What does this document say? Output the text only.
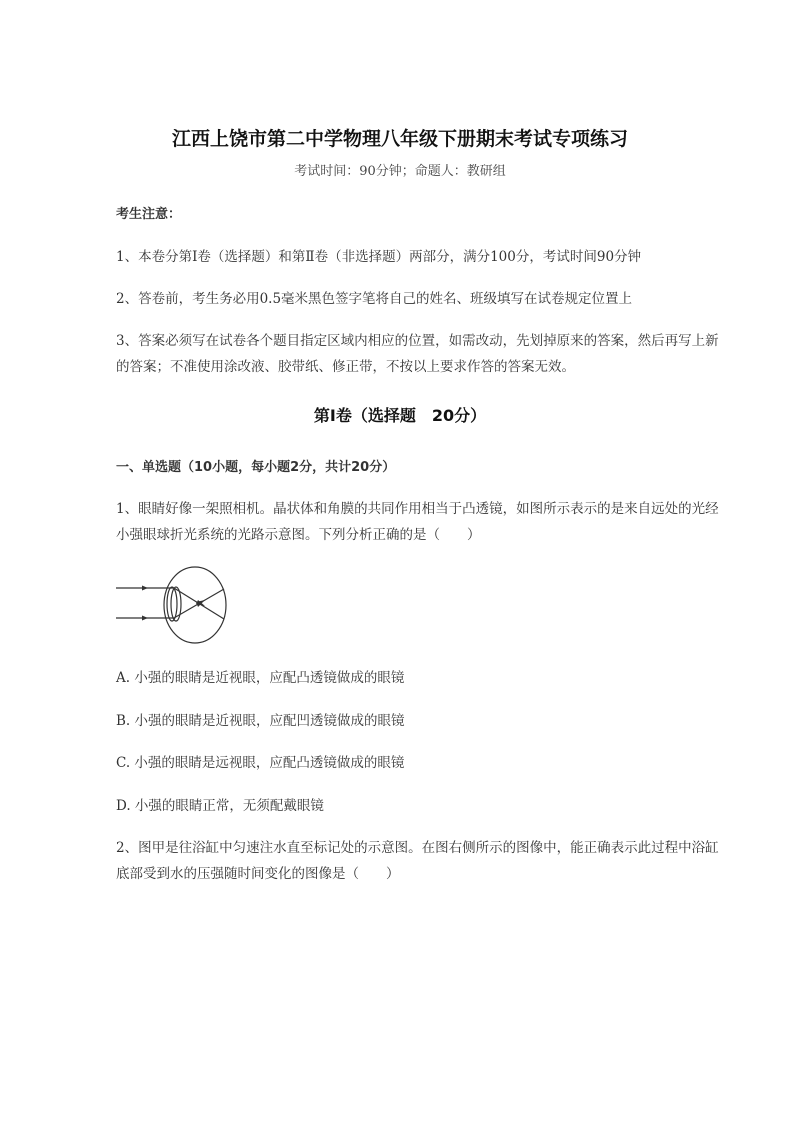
江西上饶市第二中学物理八年级下册期末考试专项练习
考试时间：90分钟；命题人：教研组
考生注意：
1、本卷分第I卷（选择题）和第Ⅱ卷（非选择题）两部分，满分100分，考试时间90分钟
2、答卷前，考生务必用0.5毫米黑色签字笔将自己的姓名、班级填写在试卷规定位置上
3、答案必须写在试卷各个题目指定区域内相应的位置，如需改动，先划掉原来的答案，然后再写上新
的答案；不准使用涂改液、胶带纸、修正带，不按以上要求作答的答案无效。
第I卷（选择题　20分）
一、单选题（10小题，每小题2分，共计20分）
1、眼睛好像一架照相机。晶状体和角膜的共同作用相当于凸透镜，如图所示表示的是来自远处的光经
小强眼球折光系统的光路示意图。下列分析正确的是（　　）
A. 小强的眼睛是近视眼，应配凸透镜做成的眼镜
B. 小强的眼睛是近视眼，应配凹透镜做成的眼镜
C. 小强的眼睛是远视眼，应配凸透镜做成的眼镜
D. 小强的眼睛正常，无须配戴眼镜
2、图甲是往浴缸中匀速注水直至标记处的示意图。在图右侧所示的图像中，能正确表示此过程中浴缸
底部受到水的压强随时间变化的图像是（　　）
